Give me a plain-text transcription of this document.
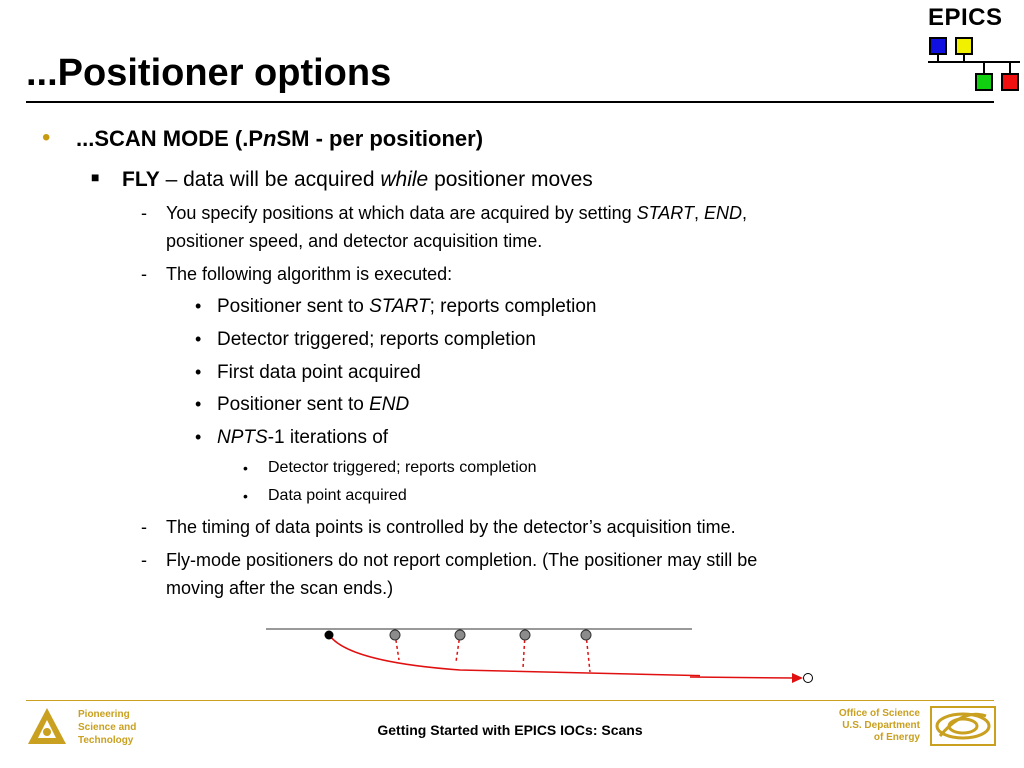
...Positioner options
EPICS
• ...SCAN MODE (.PnSM - per positioner)
■ FLY – data will be acquired while positioner moves
- You specify positions at which data are acquired by setting START, END,
positioner speed, and detector acquisition time.
- The following algorithm is executed:
• Positioner sent to START; reports completion
• Detector triggered; reports completion
• First data point acquired
• Positioner sent to END
• NPTS-1 iterations of
• Detector triggered; reports completion
• Data point acquired
- The timing of data points is controlled by the detector’s acquisition time.
- Fly-mode positioners do not report completion. (The positioner may still be
moving after the scan ends.)
Pioneering
Science and
Technology
Getting Started with EPICS IOCs: Scans
Office of Science
U.S. Department
of Energy
